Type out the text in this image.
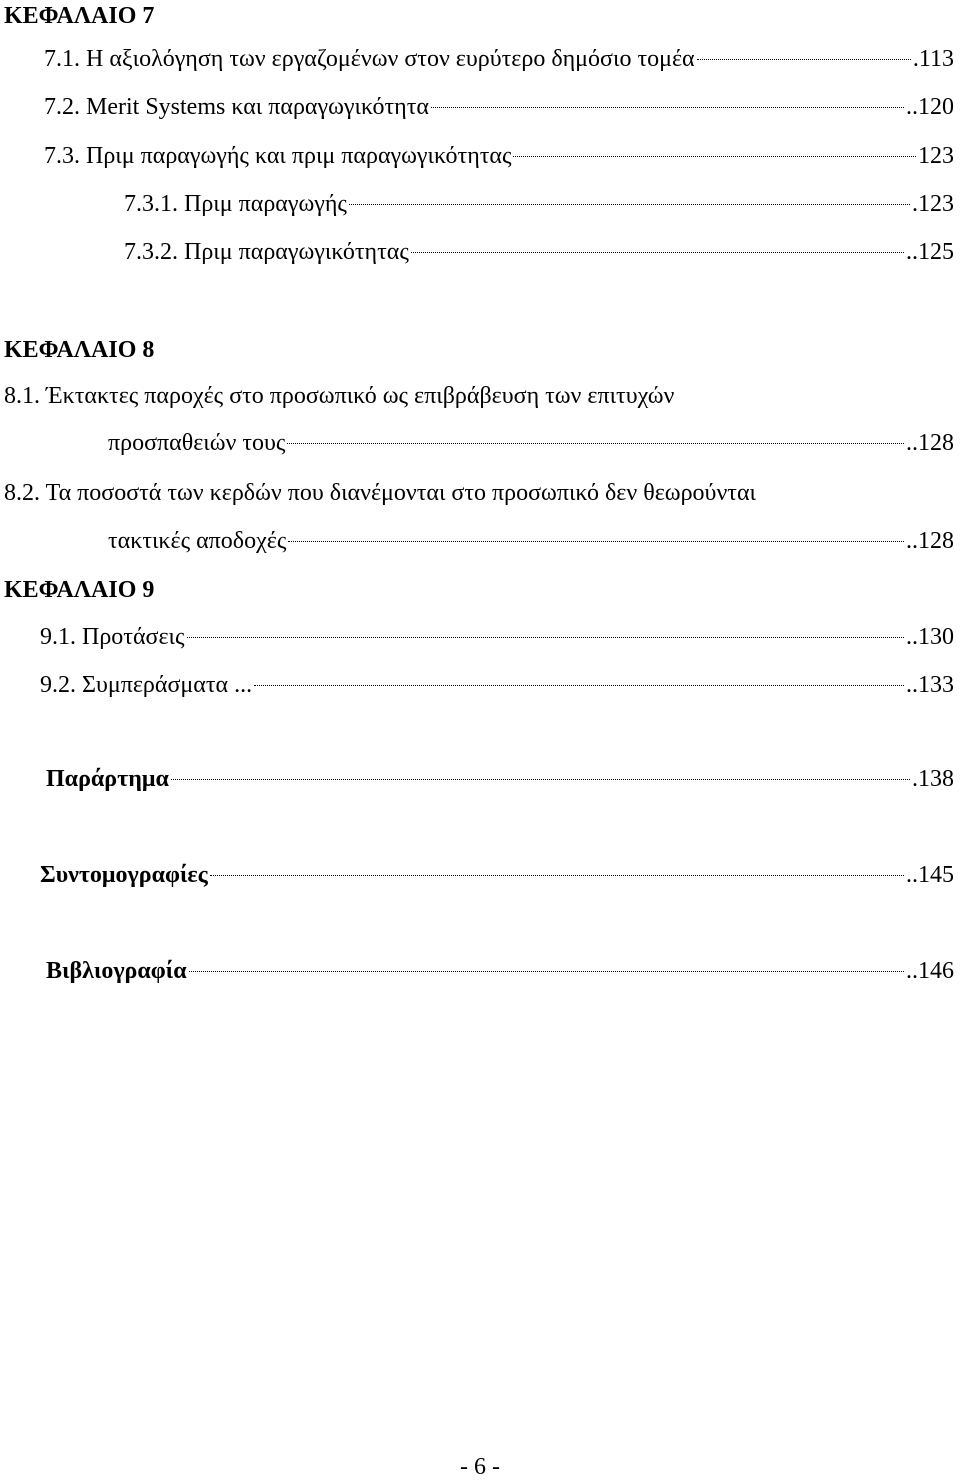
ΚΕΦΑΛΑΙΟ 7
7.1. Η αξιολόγηση των εργαζομένων στον ευρύτερο δημόσιο τομέα	.113
7.2. Merit Systems και παραγωγικότητα	..120
7.3. Πριμ παραγωγής και πριμ παραγωγικότητας	123
7.3.1. Πριμ παραγωγής	.123
7.3.2. Πριμ παραγωγικότητας	..125
ΚΕΦΑΛΑΙΟ 8
8.1. Έκτακτες παροχές στο προσωπικό ως επιβράβευση των επιτυχών
προσπαθειών τους	..128
8.2. Τα ποσοστά των κερδών που διανέμονται στο προσωπικό δεν θεωρούνται
τακτικές αποδοχές	..128
ΚΕΦΑΛΑΙΟ 9
9.1. Προτάσεις	..130
9.2. Συμπεράσματα ...	..133
Παράρτημα	.138
Συντομογραφίες	..145
Βιβλιογραφία	..146
- 6 -
